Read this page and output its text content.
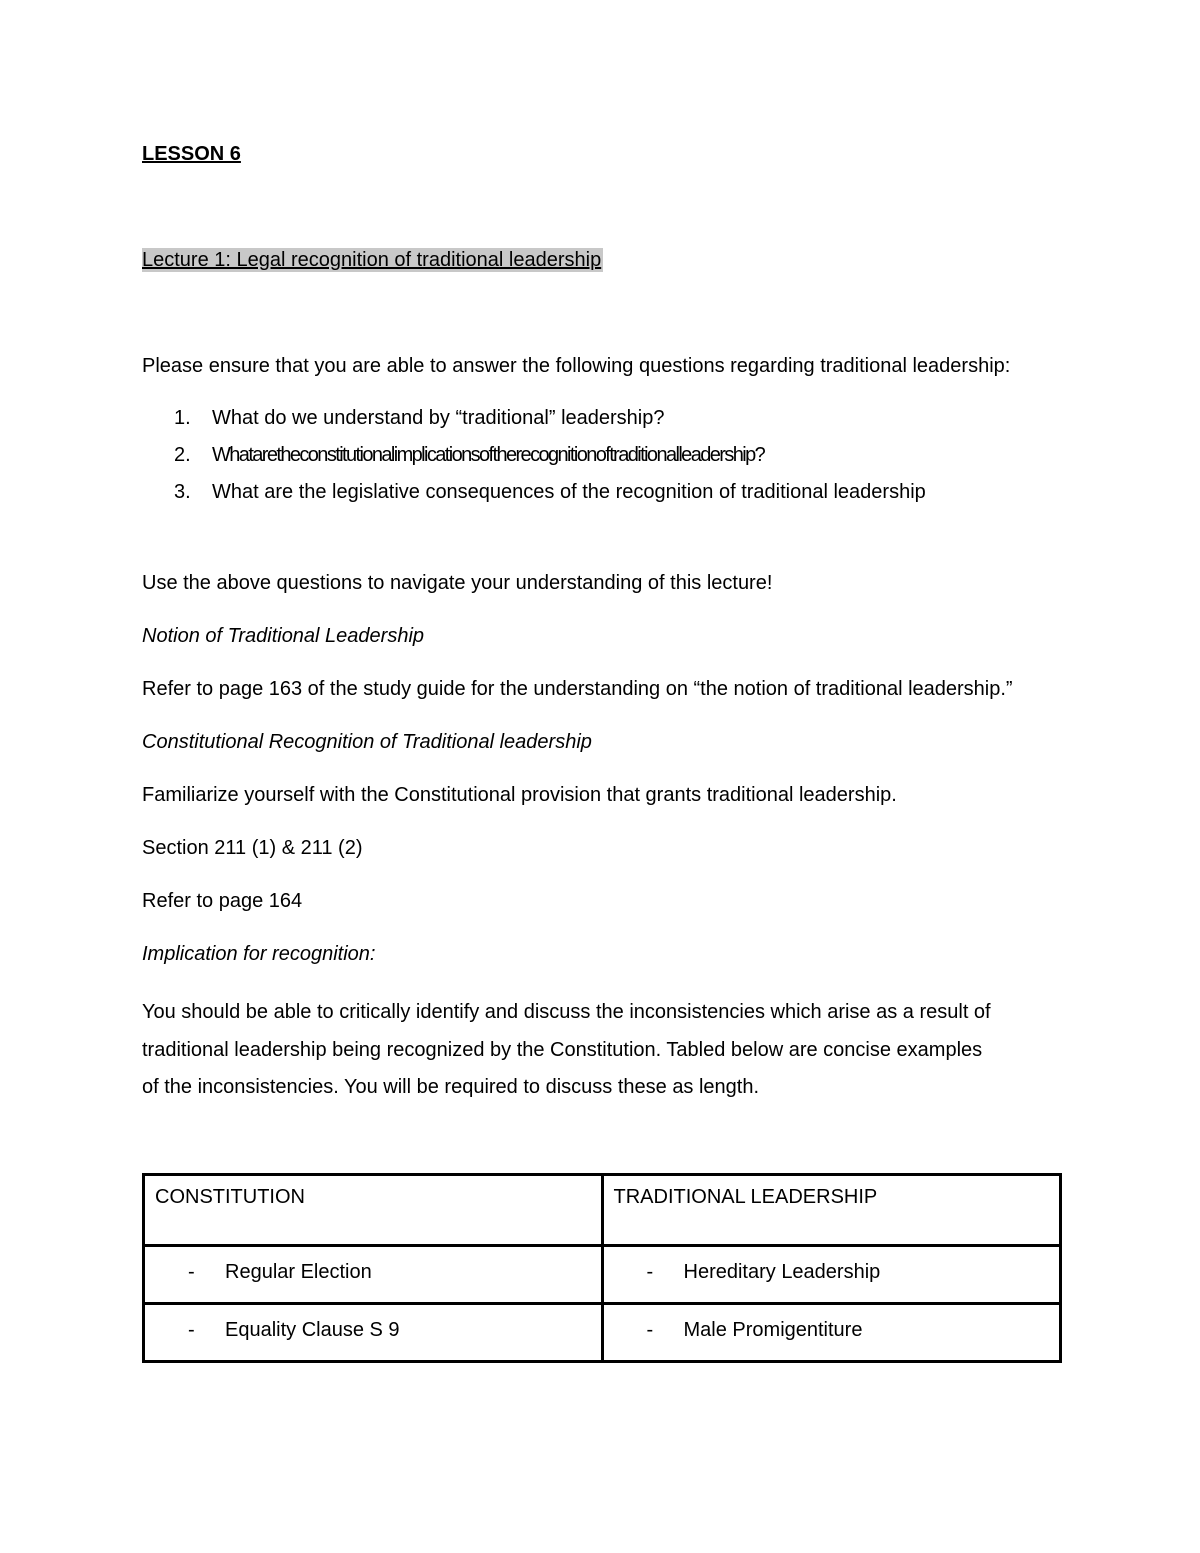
LESSON 6
Lecture 1: Legal recognition of traditional leadership
Please ensure that you are able to answer the following questions regarding traditional leadership:
1.	What do we understand by “traditional” leadership?
2.	Whataretheconstitutionalimplicationsoftherecognitionoftraditionalleadership?
3.	What are the legislative consequences of the recognition of traditional leadership
Use the above questions to navigate your understanding of this lecture!
Notion of Traditional Leadership
Refer to page 163 of the study guide for the understanding on “the notion of traditional leadership.”
Constitutional Recognition of Traditional leadership
Familiarize yourself with the Constitutional provision that grants traditional leadership.
Section 211 (1) & 211 (2)
Refer to page 164
Implication for recognition:
You should be able to critically identify and discuss the inconsistencies which arise as a result of
traditional leadership being recognized by the Constitution. Tabled below are concise examples
of the inconsistencies. You will be required to discuss these as length.
CONSTITUTION	TRADITIONAL LEADERSHIP

- Regular Election	- Hereditary Leadership

- Equality Clause S 9	- Male Promigentiture
